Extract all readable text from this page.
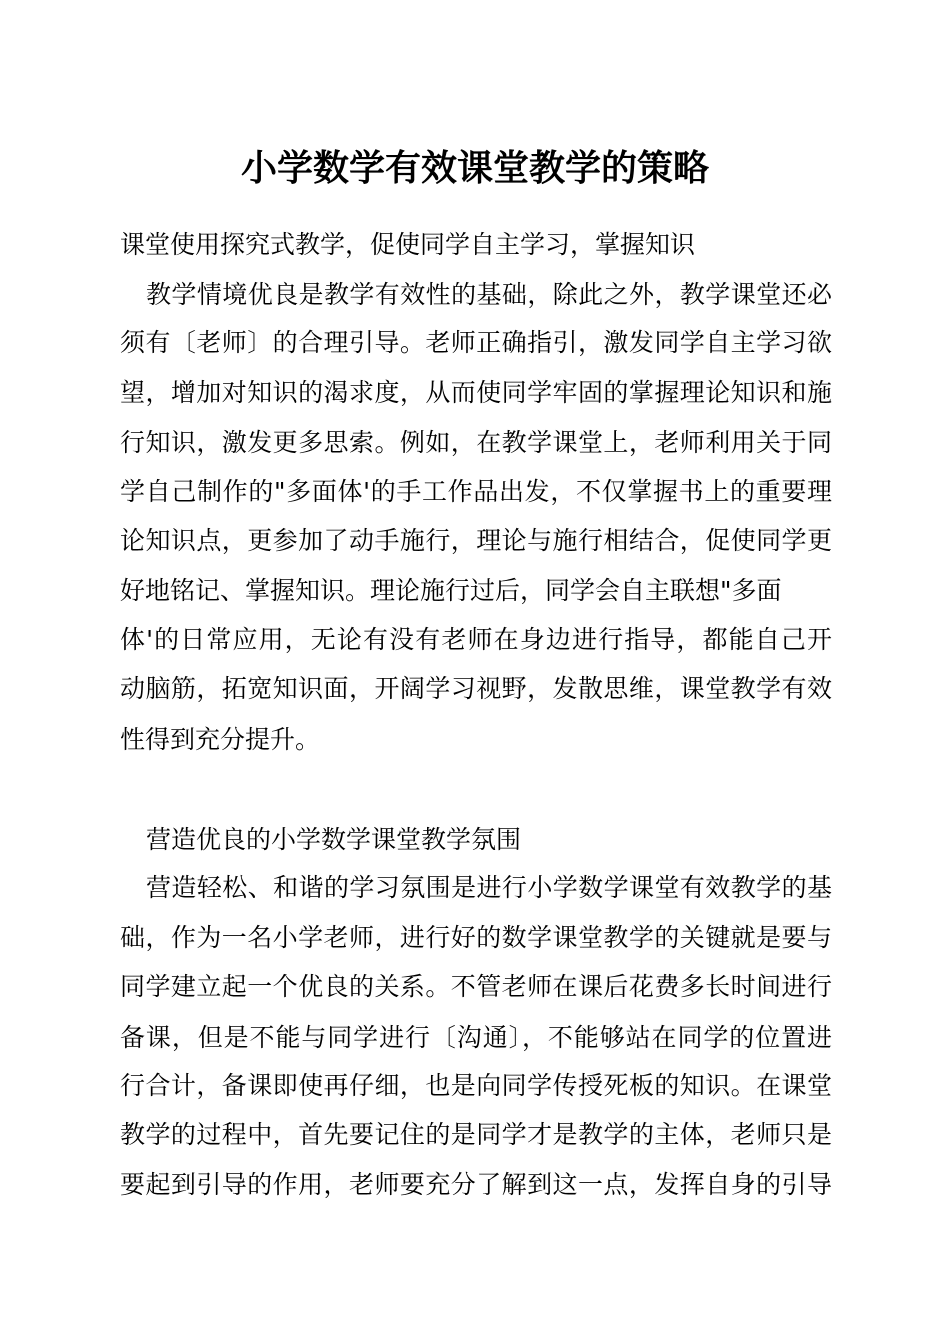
小学数学有效课堂教学的策略

课堂使用探究式教学，促使同学自主学习，掌握知识

教学情境优良是教学有效性的基础，除此之外，教学课堂还必

须有〔老师〕的合理引导。老师正确指引，激发同学自主学习欲

望，增加对知识的渴求度，从而使同学牢固的掌握理论知识和施

行知识，激发更多思索。例如，在教学课堂上，老师利用关于同

学自己制作的"多面体'的手工作品出发，不仅掌握书上的重要理

论知识点，更参加了动手施行，理论与施行相结合，促使同学更

好地铭记、掌握知识。理论施行过后，同学会自主联想"多面

体'的日常应用，无论有没有老师在身边进行指导，都能自己开

动脑筋，拓宽知识面，开阔学习视野，发散思维，课堂教学有效

性得到充分提升。

营造优良的小学数学课堂教学氛围

营造轻松、和谐的学习氛围是进行小学数学课堂有效教学的基

础，作为一名小学老师，进行好的数学课堂教学的关键就是要与

同学建立起一个优良的关系。不管老师在课后花费多长时间进行

备课，但是不能与同学进行〔沟通〕，不能够站在同学的位置进

行合计，备课即使再仔细，也是向同学传授死板的知识。在课堂

教学的过程中，首先要记住的是同学才是教学的主体，老师只是

要起到引导的作用，老师要充分了解到这一点，发挥自身的引导
